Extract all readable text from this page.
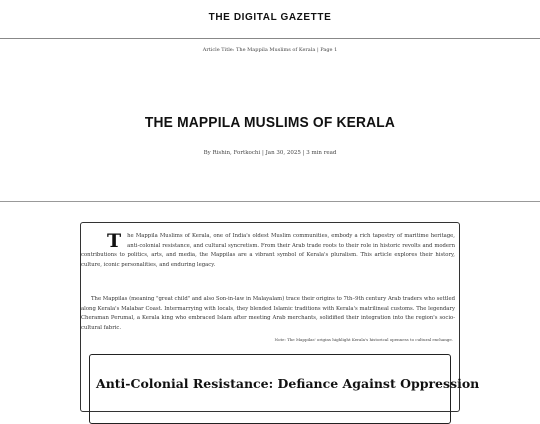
THE DIGITAL GAZETTE
Article Title: The Mappila Muslims of Kerala | Page 1
THE MAPPILA MUSLIMS OF KERALA
By Rishin, Fortkochi | Jan 30, 2025 | 3 min read

T he Mappila Muslims of Kerala, one of India's oldest Muslim communities, embody a rich tapestry of maritime heritage, anti-colonial resistance, and cultural syncretism. From their Arab trade roots to their role in historic revolts and modern contributions to politics, arts, and media, the Mappilas are a vibrant symbol of Kerala's pluralism. This article explores their history, culture, iconic personalities, and enduring legacy.

The Mappilas (meaning "great child" and also Son-in-law in Malayalam) trace their origins to 7th–9th century Arab traders who settled along Kerala's Malabar Coast. Intermarrying with locals, they blended Islamic traditions with Kerala's matrilineal customs. The legendary Cheraman Perumal, a Kerala king who embraced Islam after meeting Arab merchants, solidified their integration into the region's socio-cultural fabric.

Note: The Mappilas' origins highlight Kerala's historical openness to cultural exchange.

Anti-Colonial Resistance: Defiance Against Oppression
